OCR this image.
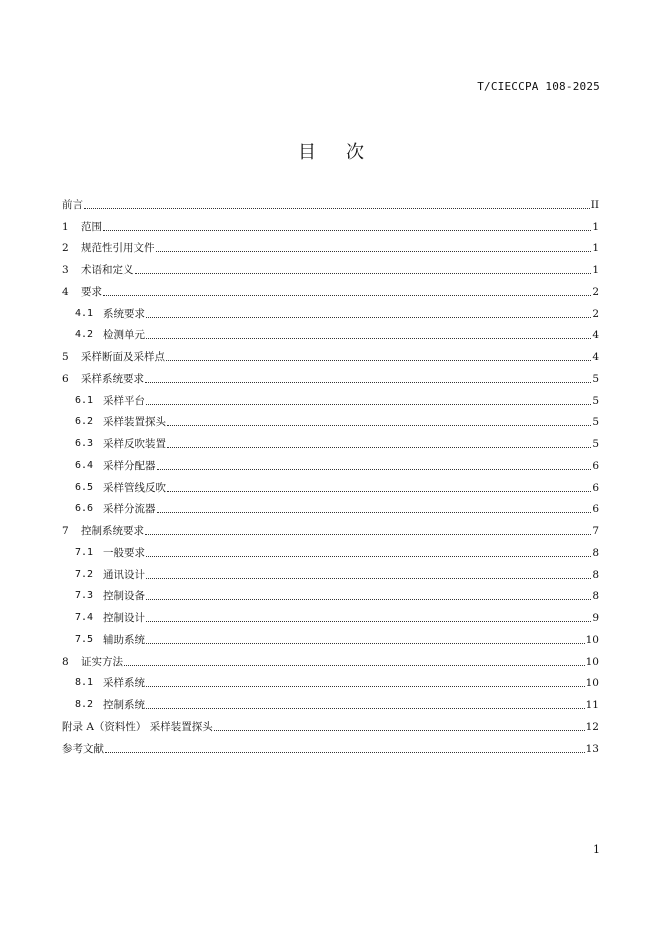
T/CIECCPA 108-2025
目次
前言	II
1	范围	1
2	规范性引用文件	1
3	术语和定义	1
4	要求	2
4.1 系统要求	2
4.2 检测单元	4
5	采样断面及采样点	4
6	采样系统要求	5
6.1 采样平台	5
6.2 采样装置探头	5
6.3 采样反吹装置	5
6.4 采样分配器	6
6.5 采样管线反吹	6
6.6 采样分流器	6
7	控制系统要求	7
7.1 一般要求	8
7.2 通讯设计	8
7.3 控制设备	8
7.4 控制设计	9
7.5 辅助系统	10
8	证实方法	10
8.1 采样系统	10
8.2 控制系统	11
附录 A（资料性） 采样装置探头	12
参考文献	13
1
